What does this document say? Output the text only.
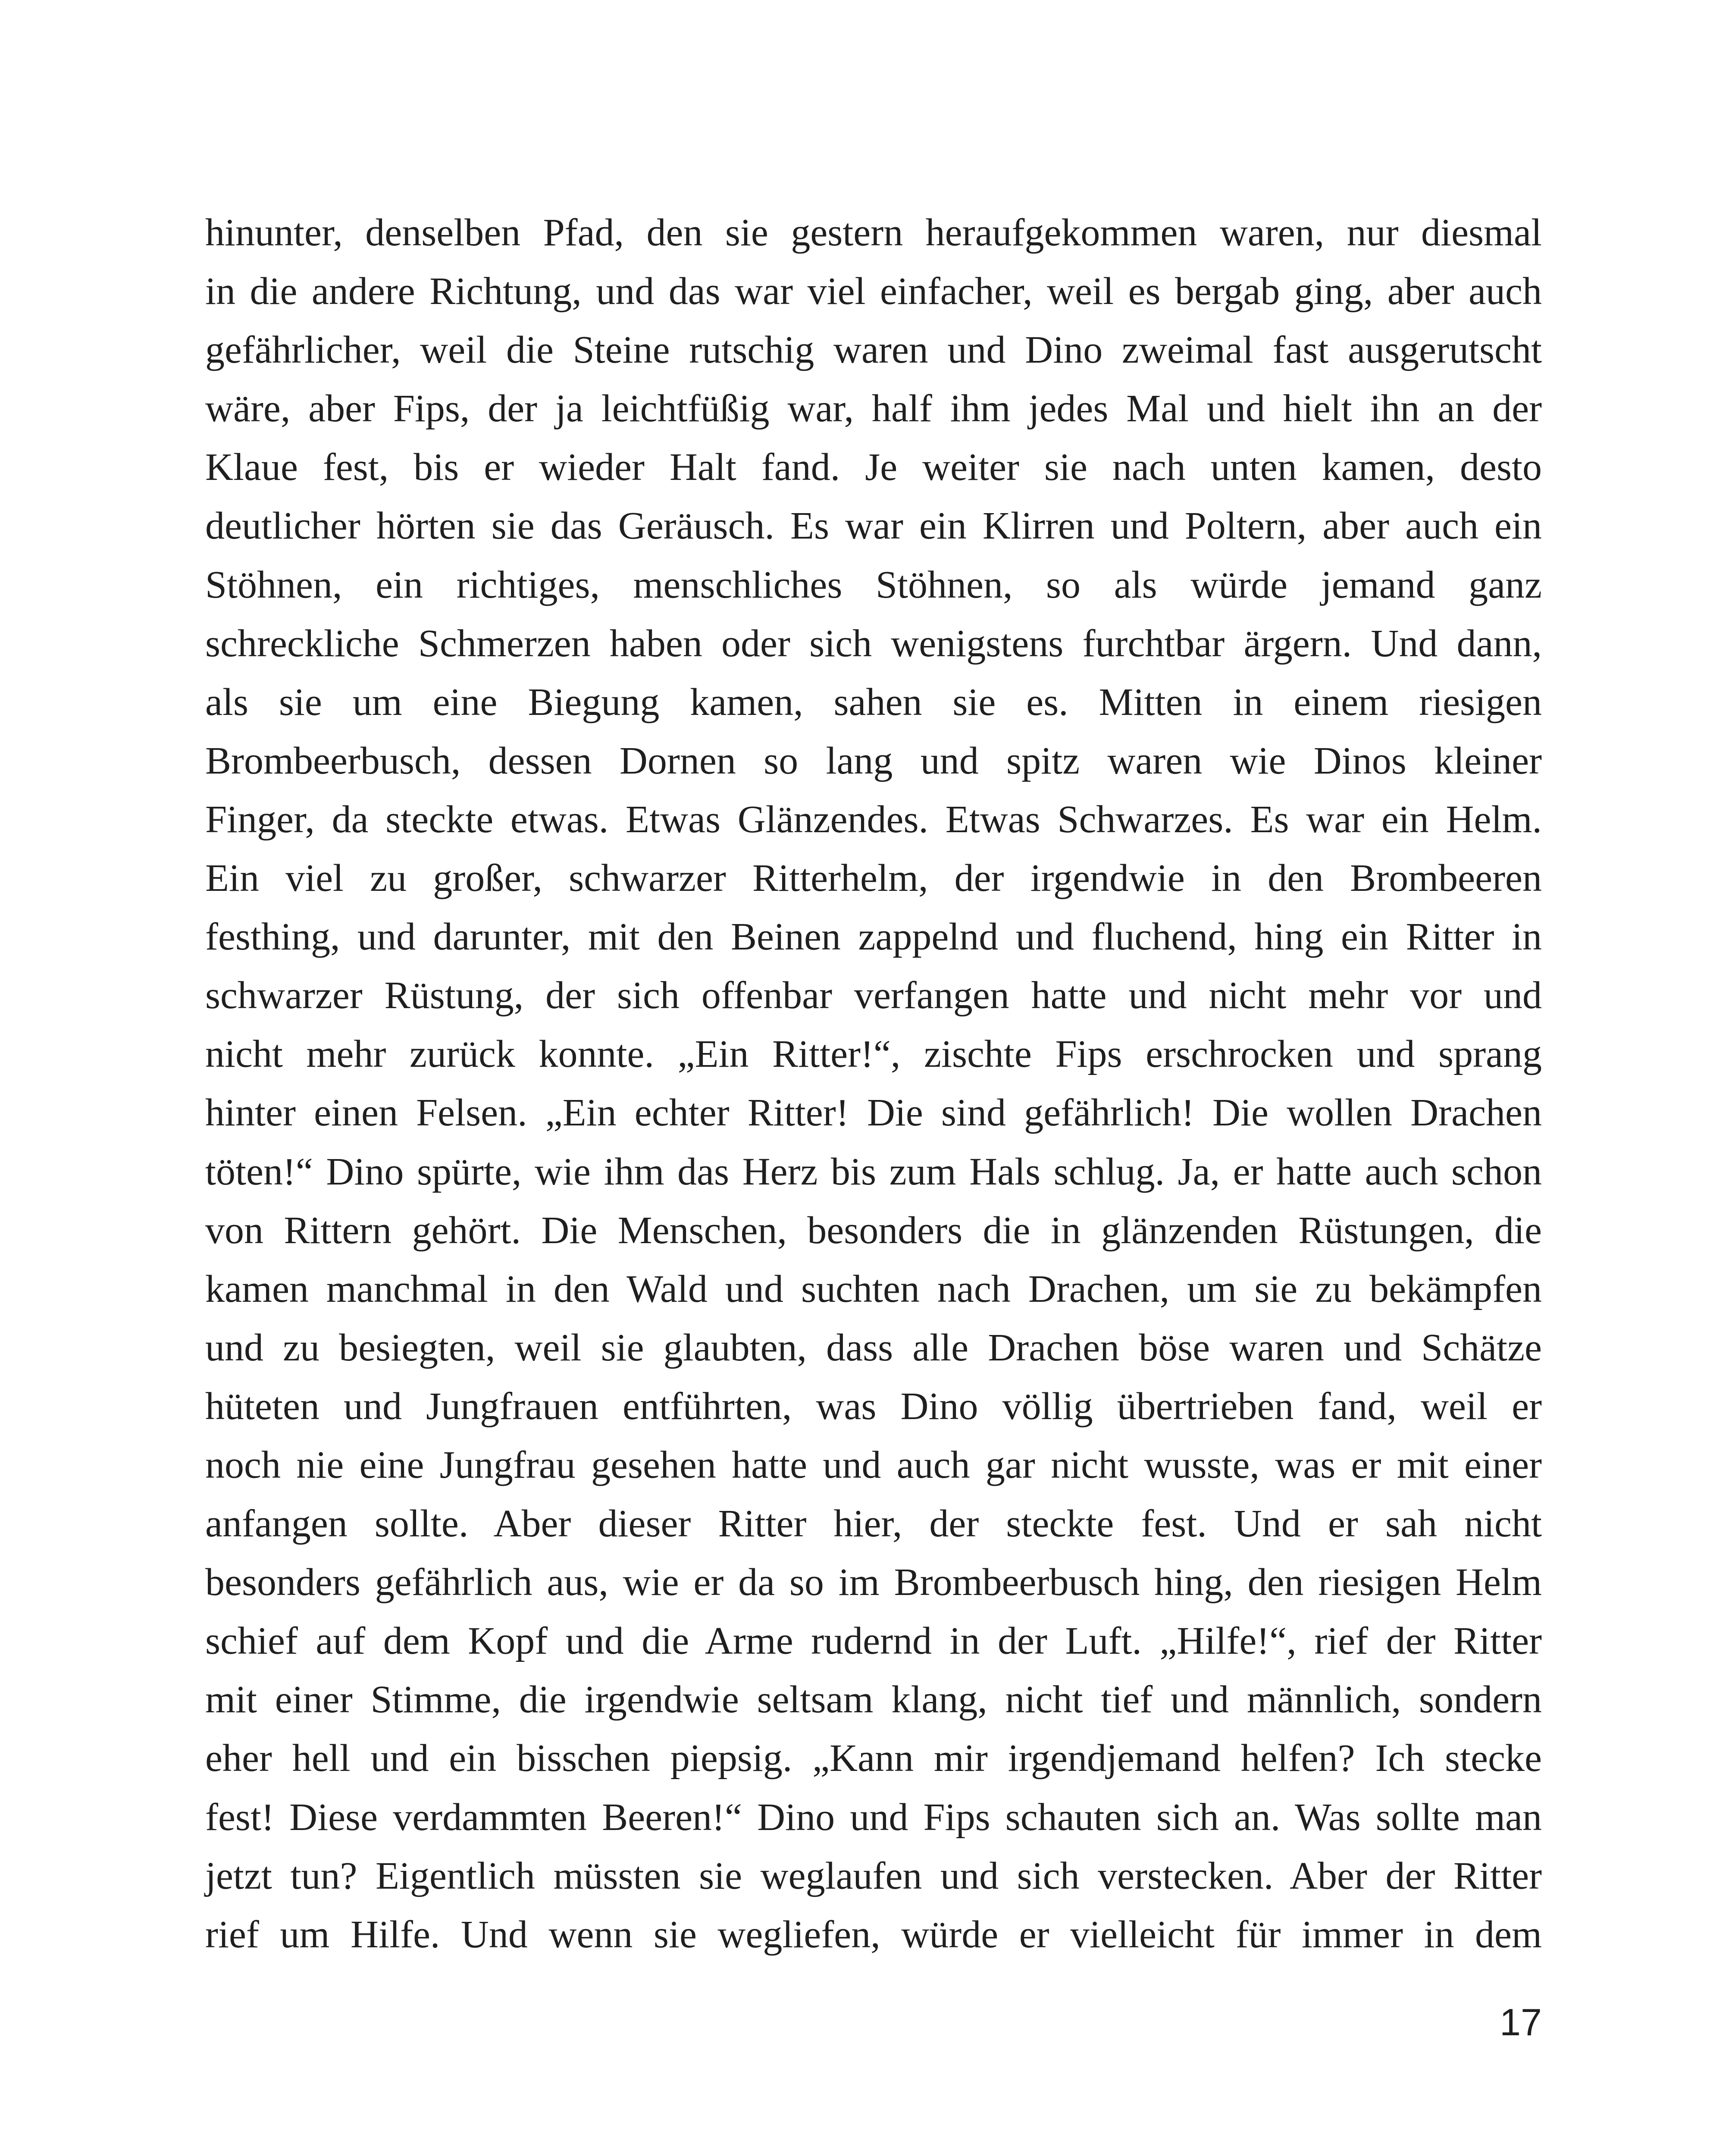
hinunter, denselben Pfad, den sie gestern heraufgekommen waren, nur diesmal
in die andere Richtung, und das war viel einfacher, weil es bergab ging, aber auch
gefährlicher, weil die Steine rutschig waren und Dino zweimal fast ausgerutscht
wäre, aber Fips, der ja leichtfüßig war, half ihm jedes Mal und hielt ihn an der
Klaue fest, bis er wieder Halt fand. Je weiter sie nach unten kamen, desto
deutlicher hörten sie das Geräusch. Es war ein Klirren und Poltern, aber auch ein
Stöhnen, ein richtiges, menschliches Stöhnen, so als würde jemand ganz
schreckliche Schmerzen haben oder sich wenigstens furchtbar ärgern. Und dann,
als sie um eine Biegung kamen, sahen sie es. Mitten in einem riesigen
Brombeerbusch, dessen Dornen so lang und spitz waren wie Dinos kleiner
Finger, da steckte etwas. Etwas Glänzendes. Etwas Schwarzes. Es war ein Helm.
Ein viel zu großer, schwarzer Ritterhelm, der irgendwie in den Brombeeren
festhing, und darunter, mit den Beinen zappelnd und fluchend, hing ein Ritter in
schwarzer Rüstung, der sich offenbar verfangen hatte und nicht mehr vor und
nicht mehr zurück konnte. „Ein Ritter!“, zischte Fips erschrocken und sprang
hinter einen Felsen. „Ein echter Ritter! Die sind gefährlich! Die wollen Drachen
töten!“ Dino spürte, wie ihm das Herz bis zum Hals schlug. Ja, er hatte auch schon
von Rittern gehört. Die Menschen, besonders die in glänzenden Rüstungen, die
kamen manchmal in den Wald und suchten nach Drachen, um sie zu bekämpfen
und zu besiegten, weil sie glaubten, dass alle Drachen böse waren und Schätze
hüteten und Jungfrauen entführten, was Dino völlig übertrieben fand, weil er
noch nie eine Jungfrau gesehen hatte und auch gar nicht wusste, was er mit einer
anfangen sollte. Aber dieser Ritter hier, der steckte fest. Und er sah nicht
besonders gefährlich aus, wie er da so im Brombeerbusch hing, den riesigen Helm
schief auf dem Kopf und die Arme rudernd in der Luft. „Hilfe!“, rief der Ritter
mit einer Stimme, die irgendwie seltsam klang, nicht tief und männlich, sondern
eher hell und ein bisschen piepsig. „Kann mir irgendjemand helfen? Ich stecke
fest! Diese verdammten Beeren!“ Dino und Fips schauten sich an. Was sollte man
jetzt tun? Eigentlich müssten sie weglaufen und sich verstecken. Aber der Ritter
rief um Hilfe. Und wenn sie wegliefen, würde er vielleicht für immer in dem
17
